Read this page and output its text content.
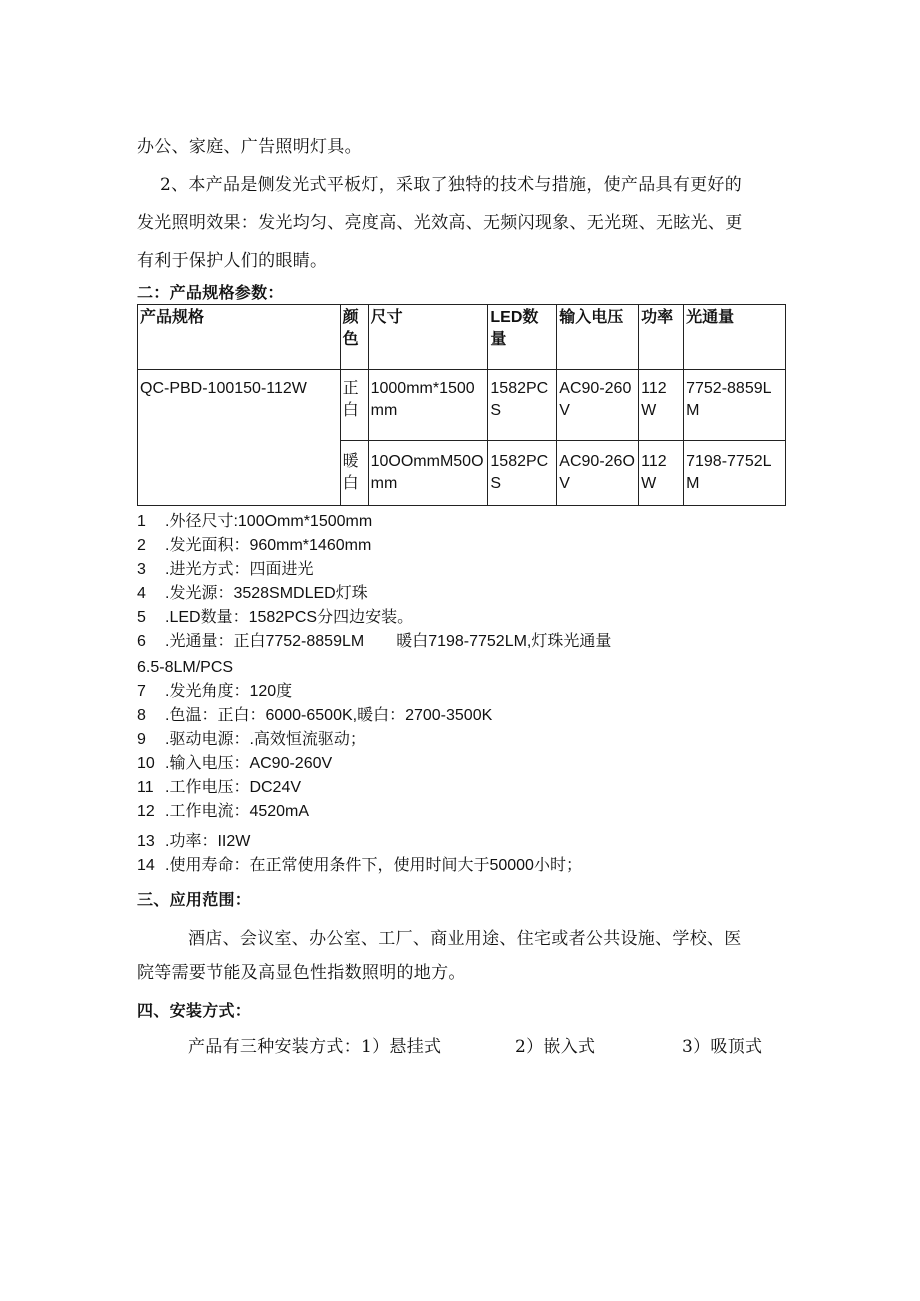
办公、家庭、广告照明灯具。
2、本产品是侧发光式平板灯，采取了独特的技术与措施，使产品具有更好的
发光照明效果：发光均匀、亮度高、光效高、无频闪现象、无光斑、无眩光、更
有利于保护人们的眼睛。
二：产品规格参数：
产品规格	颜色	尺寸	LED数量	输入电压	功率	光通量
QC-PBD-100150-112W	正白	1000mm*1500mm	1582PCS	AC90-260V	112W	7752-8859LM
	暖白	10OOmmM50Omm	1582PCS	AC90-26OV	112W	7198-7752LM
1 .外径尺寸:100Omm*1500mm
2 .发光面积：960mm*1460mm
3 .进光方式：四面进光
4 .发光源：3528SMDLED灯珠
5 .LED数量：1582PCS分四边安装。
6 .光通量：正白7752-8859LM　　暖白7198-7752LM,灯珠光通量
6.5-8LM/PCS
7 .发光角度：120度
8 .色温：正白：6000-6500K,暖白：2700-3500K
9 .驱动电源：.高效恒流驱动；
10 .输入电压：AC90-260V
11 .工作电压：DC24V
12 .工作电流：4520mA
13 .功率：II2W
14 .使用寿命：在正常使用条件下，使用时间大于50000小时；
三、应用范围：
酒店、会议室、办公室、工厂、商业用途、住宅或者公共设施、学校、医
院等需要节能及高显色性指数照明的地方。
四、安装方式：
产品有三种安装方式：1）悬挂式	2）嵌入式	3）吸顶式
